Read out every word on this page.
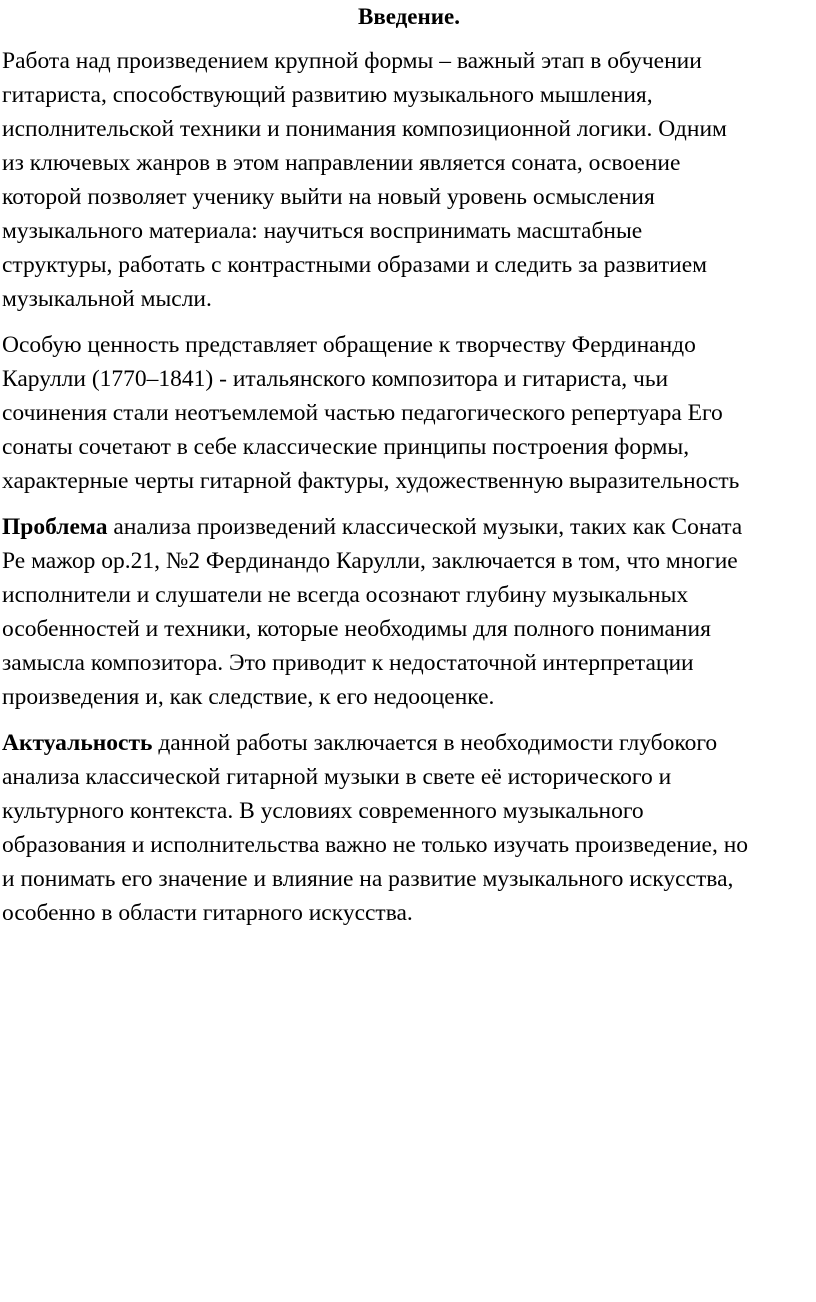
Введение.
Работа над произведением крупной формы – важный этап в обучении
гитариста, способствующий развитию музыкального мышления,
исполнительской техники и понимания композиционной логики. Одним
из ключевых жанров в этом направлении является соната, освоение
которой позволяет ученику выйти на новый уровень осмысления
музыкального материала: научиться воспринимать масштабные
структуры, работать с контрастными образами и следить за развитием
музыкальной мысли.
Особую ценность представляет обращение к творчеству Фердинандо
Карулли (1770–1841) - итальянского композитора и гитариста, чьи
сочинения стали неотъемлемой частью педагогического репертуара Его
сонаты сочетают в себе классические принципы построения формы,
характерные черты гитарной фактуры, художественную выразительность
Проблема анализа произведений классической музыки, таких как Соната
Ре мажор ор.21, №2 Фердинандо Карулли, заключается в том, что многие
исполнители и слушатели не всегда осознают глубину музыкальных
особенностей и техники, которые необходимы для полного понимания
замысла композитора. Это приводит к недостаточной интерпретации
произведения и, как следствие, к его недооценке.
Актуальность данной работы заключается в необходимости глубокого
анализа классической гитарной музыки в свете её исторического и
культурного контекста. В условиях современного музыкального
образования и исполнительства важно не только изучать произведение, но
и понимать его значение и влияние на развитие музыкального искусства,
особенно в области гитарного искусства.
